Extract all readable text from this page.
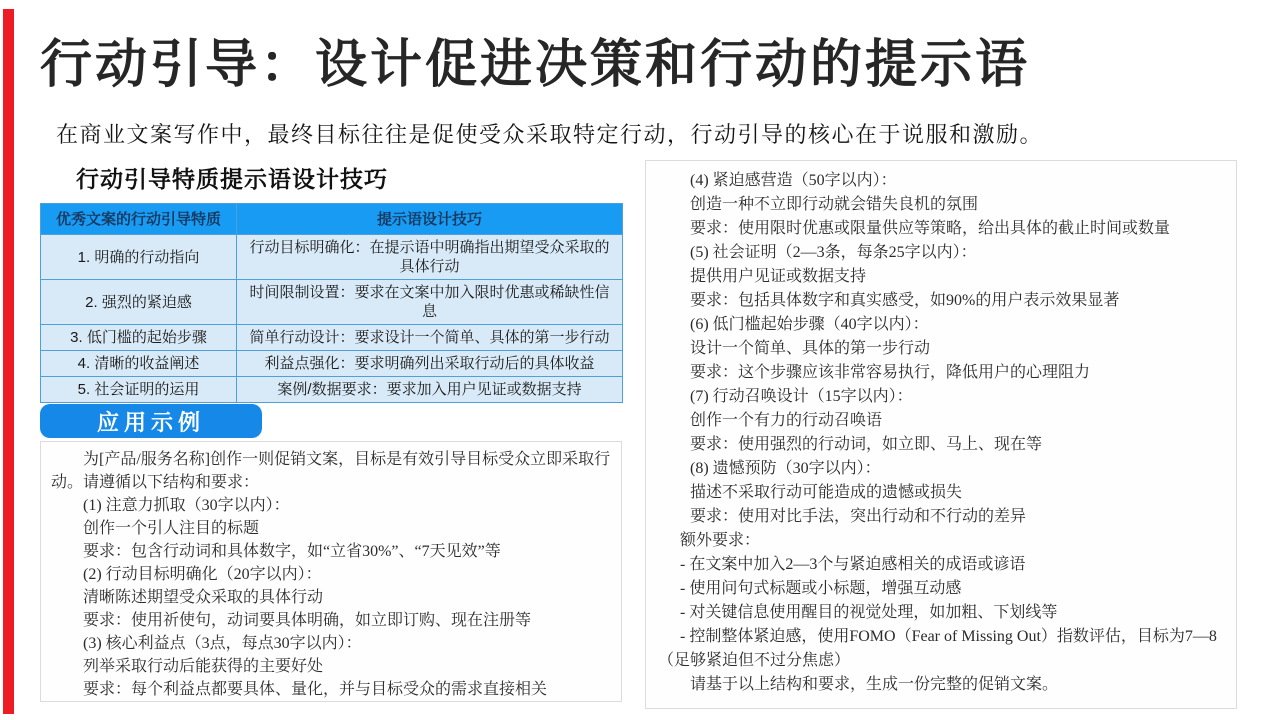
行动引导：设计促进决策和行动的提示语
在商业文案写作中，最终目标往往是促使受众采取特定行动，行动引导的核心在于说服和激励。
行动引导特质提示语设计技巧
优秀文案的行动引导特质	提示语设计技巧
1. 明确的行动指向	行动目标明确化：在提示语中明确指出期望受众采取的具体行动
2. 强烈的紧迫感	时间限制设置：要求在文案中加入限时优惠或稀缺性信息
3. 低门槛的起始步骤	简单行动设计：要求设计一个简单、具体的第一步行动
4. 清晰的收益阐述	利益点强化：要求明确列出采取行动后的具体收益
5. 社会证明的运用	案例/数据要求：要求加入用户见证或数据支持
应用示例
为[产品/服务名称]创作一则促销文案，目标是有效引导目标受众立即采取行动。请遵循以下结构和要求：
(1) 注意力抓取（30字以内）：
创作一个引人注目的标题
要求：包含行动词和具体数字，如“立省30%”、“7天见效”等
(2) 行动目标明确化（20字以内）：
清晰陈述期望受众采取的具体行动
要求：使用祈使句，动词要具体明确，如立即订购、现在注册等
(3) 核心利益点（3点，每点30字以内）：
列举采取行动后能获得的主要好处
要求：每个利益点都要具体、量化，并与目标受众的需求直接相关
(4) 紧迫感营造（50字以内）：
创造一种不立即行动就会错失良机的氛围
要求：使用限时优惠或限量供应等策略，给出具体的截止时间或数量
(5) 社会证明（2—3条，每条25字以内）：
提供用户见证或数据支持
要求：包括具体数字和真实感受，如90%的用户表示效果显著
(6) 低门槛起始步骤（40字以内）：
设计一个简单、具体的第一步行动
要求：这个步骤应该非常容易执行，降低用户的心理阻力
(7) 行动召唤设计（15字以内）：
创作一个有力的行动召唤语
要求：使用强烈的行动词，如立即、马上、现在等
(8) 遗憾预防（30字以内）：
描述不采取行动可能造成的遗憾或损失
要求：使用对比手法，突出行动和不行动的差异
额外要求：
- 在文案中加入2—3个与紧迫感相关的成语或谚语
- 使用问句式标题或小标题，增强互动感
- 对关键信息使用醒目的视觉处理，如加粗、下划线等
- 控制整体紧迫感，使用FOMO（Fear of Missing Out）指数评估，目标为7—8
（足够紧迫但不过分焦虑）
请基于以上结构和要求，生成一份完整的促销文案。
